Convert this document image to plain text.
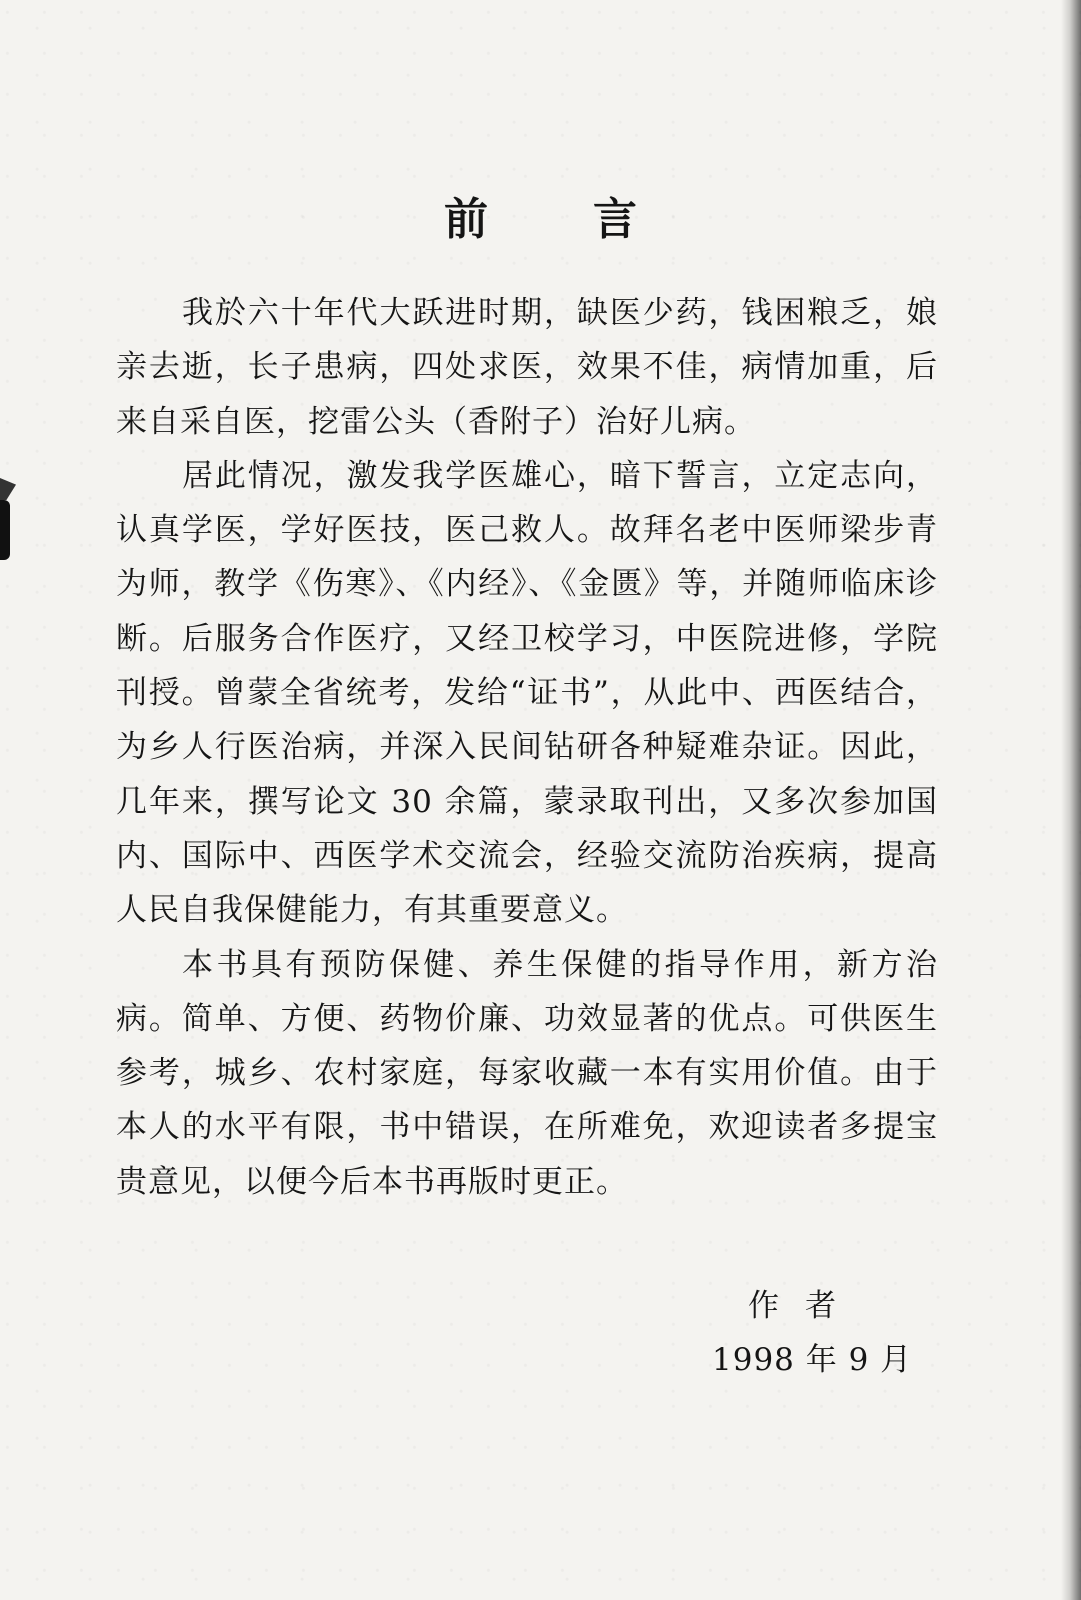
前 言

我於六十年代大跃进时期，缺医少药，钱困粮乏，娘亲去逝，长子患病，四处求医，效果不佳，病情加重，后来自采自医，挖雷公头（香附子）治好儿病。

居此情况，激发我学医雄心，暗下誓言，立定志向，认真学医，学好医技，医己救人。故拜名老中医师梁步青为师，教学《伤寒》、《内经》、《金匮》等，并随师临床诊断。后服务合作医疗，又经卫校学习，中医院进修，学院刊授。曾蒙全省统考，发给“证书”，从此中、西医结合，为乡人行医治病，并深入民间钻研各种疑难杂证。因此，几年来，撰写论文 30 余篇，蒙录取刊出，又多次参加国内、国际中、西医学术交流会，经验交流防治疾病，提高人民自我保健能力，有其重要意义。

本书具有预防保健、养生保健的指导作用，新方治病。简单、方便、药物价廉、功效显著的优点。可供医生参考，城乡、农村家庭，每家收藏一本有实用价值。由于本人的水平有限，书中错误，在所难免，欢迎读者多提宝贵意见，以便今后本书再版时更正。

作者
1998 年 9 月
